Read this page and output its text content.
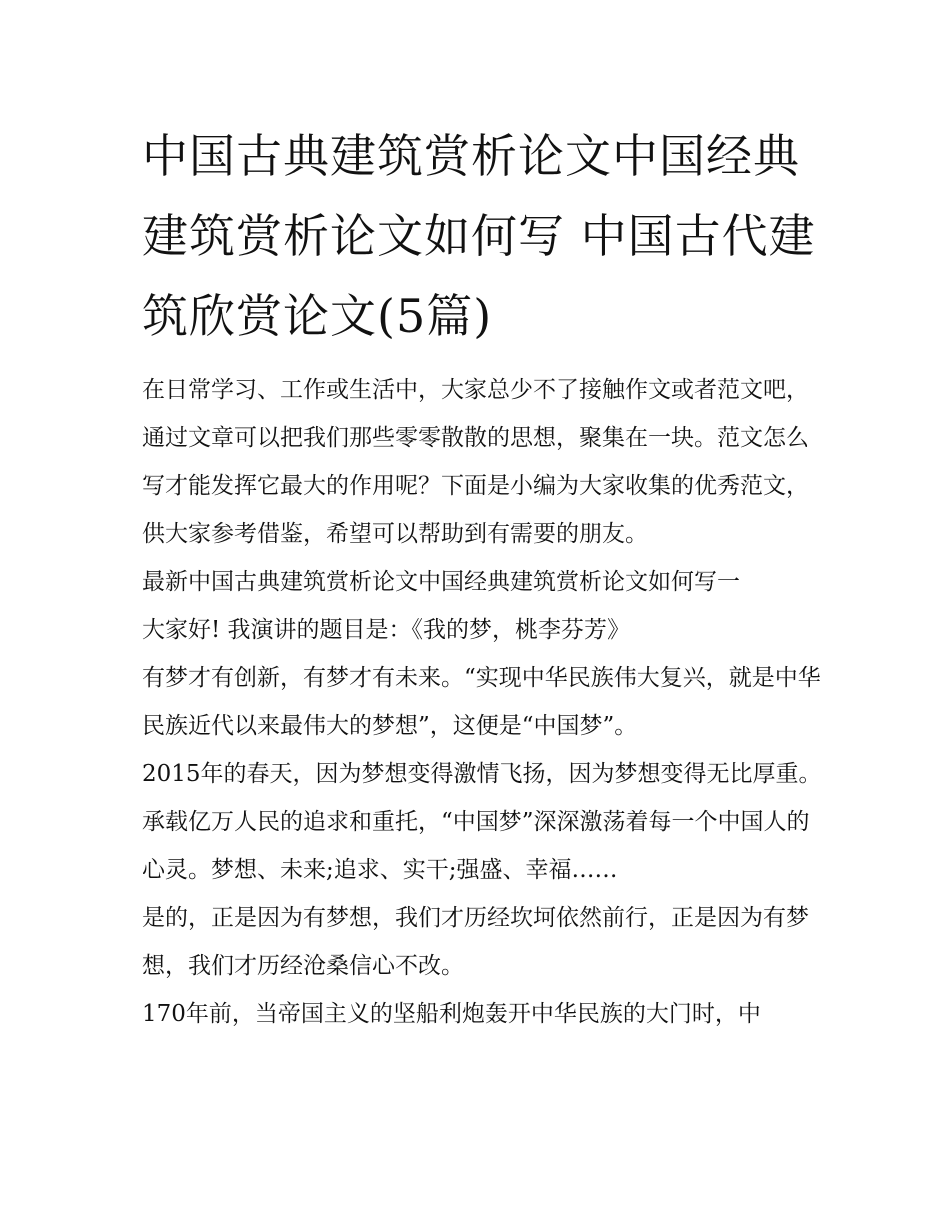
中国古典建筑赏析论文中国经典建筑赏析论文如何写 中国古代建筑欣赏论文(5篇)

在日常学习、工作或生活中，大家总少不了接触作文或者范文吧，通过文章可以把我们那些零零散散的思想，聚集在一块。范文怎么写才能发挥它最大的作用呢？下面是小编为大家收集的优秀范文，供大家参考借鉴，希望可以帮助到有需要的朋友。

最新中国古典建筑赏析论文中国经典建筑赏析论文如何写一

大家好! 我演讲的题目是：《我的梦，桃李芬芳》

有梦才有创新，有梦才有未来。“实现中华民族伟大复兴，就是中华民族近代以来最伟大的梦想”，这便是“中国梦”。

2015年的春天，因为梦想变得激情飞扬，因为梦想变得无比厚重。承载亿万人民的追求和重托，“中国梦”深深激荡着每一个中国人的心灵。梦想、未来;追求、实干;强盛、幸福……

是的，正是因为有梦想，我们才历经坎坷依然前行，正是因为有梦想，我们才历经沧桑信心不改。

170年前，当帝国主义的坚船利炮轰开中华民族的大门时，中
